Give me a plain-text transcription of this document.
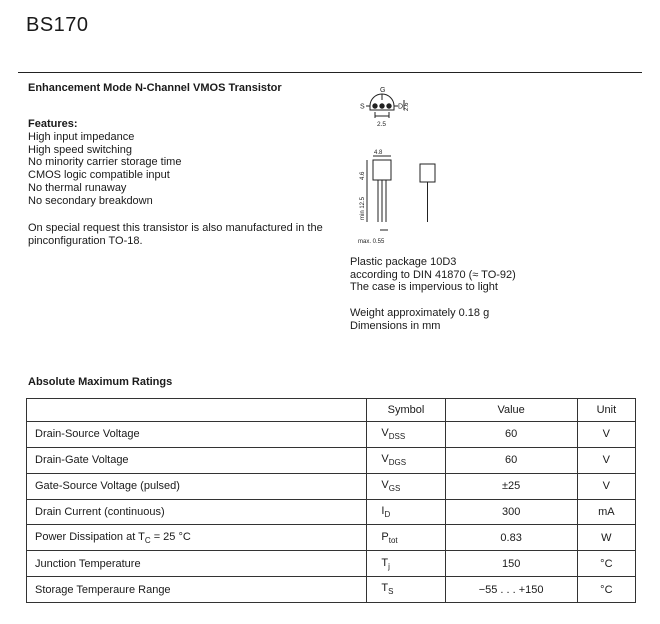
BS170
Enhancement Mode N-Channel VMOS Transistor
Features:
High input impedance
High speed switching
No minority carrier storage time
CMOS logic compatible input
No thermal runaway
No secondary breakdown
On special request this transistor is also manufactured in the pinconfiguration TO-18.
G
S	D
2.5
2.6
4.8
4.6
min 12.5
max. 0.55
Plastic package 10D3
according to DIN 41870 (≈ TO-92)
The case is impervious to light
Weight approximately 0.18 g
Dimensions in mm
Absolute Maximum Ratings
	Symbol	Value	Unit
Drain-Source Voltage	$V_{DSS}$	60	V
Drain-Gate Voltage	$V_{DGS}$	60	V
Gate-Source Voltage (pulsed)	$V_{GS}$	±25	V
Drain Current (continuous)	$I_D$	300	mA
Power Dissipation at $T_C = 25$ °C	$P_{tot}$	0.83	W
Junction Temperature	$T_j$	150	°C
Storage Temperaure Range	$T_S$	−55 . . . +150	°C
